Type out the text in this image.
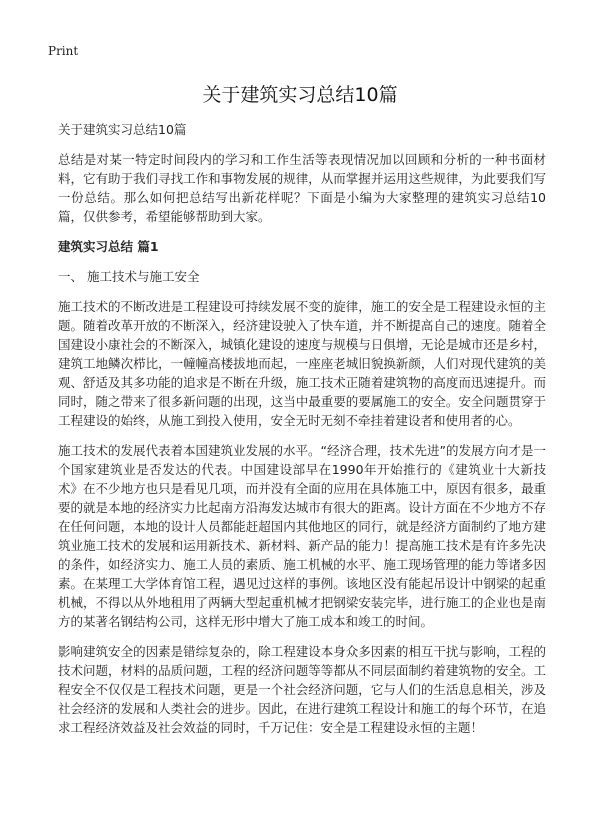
Print
关于建筑实习总结10篇

关于建筑实习总结10篇

总结是对某一特定时间段内的学习和工作生活等表现情况加以回顾和分析的一种书面材料，它有助于我们寻找工作和事物发展的规律，从而掌握并运用这些规律，为此要我们写一份总结。那么如何把总结写出新花样呢？下面是小编为大家整理的建筑实习总结10篇，仅供参考，希望能够帮助到大家。

建筑实习总结 篇1

一、 施工技术与施工安全

施工技术的不断改进是工程建设可持续发展不变的旋律，施工的安全是工程建设永恒的主题。随着改革开放的不断深入，经济建设驶入了快车道，并不断提高自己的速度。随着全国建设小康社会的不断深入，城镇化建设的速度与规模与日俱增，无论是城市还是乡村，建筑工地鳞次栉比，一幢幢高楼拔地而起，一座座老城旧貌换新颜，人们对现代建筑的美观、舒适及其多功能的追求是不断在升级，施工技术正随着建筑物的高度而迅速提升。而同时，随之带来了很多新问题的出现，这当中最重要的要属施工的安全。安全问题贯穿于工程建设的始终，从施工到投入使用，安全无时无刻不牵挂着建设者和使用者的心。

施工技术的发展代表着本国建筑业发展的水平。“经济合理，技术先进”的发展方向才是一个国家建筑业是否发达的代表。中国建设部早在1990年开始推行的《建筑业十大新技术》在不少地方也只是看见几项，而并没有全面的应用在具体施工中，原因有很多，最重要的就是本地的经济实力比起南方沿海发达城市有很大的距离。设计方面在不少地方不存在任何问题，本地的设计人员都能赶超国内其他地区的同行，就是经济方面制约了地方建筑业施工技术的发展和运用新技术、新材料、新产品的能力！提高施工技术是有许多先决的条件，如经济实力、施工人员的素质、施工机械的水平、施工现场管理的能力等诸多因素。在某理工大学体育馆工程，遇见过这样的事例。该地区没有能起吊设计中钢梁的起重机械，不得以从外地租用了两辆大型起重机械才把钢梁安装完毕，进行施工的企业也是南方的某著名钢结构公司，这样无形中增大了施工成本和竣工的时间。

影响建筑安全的因素是错综复杂的，除工程建设本身众多因素的相互干扰与影响，工程的技术问题，材料的品质问题，工程的经济问题等等都从不同层面制约着建筑物的安全。工程安全不仅仅是工程技术问题，更是一个社会经济问题，它与人们的生活息息相关，涉及社会经济的发展和人类社会的进步。因此，在进行建筑工程设计和施工的每个环节，在追求工程经济效益及社会效益的同时，千万记住：安全是工程建设永恒的主题！
